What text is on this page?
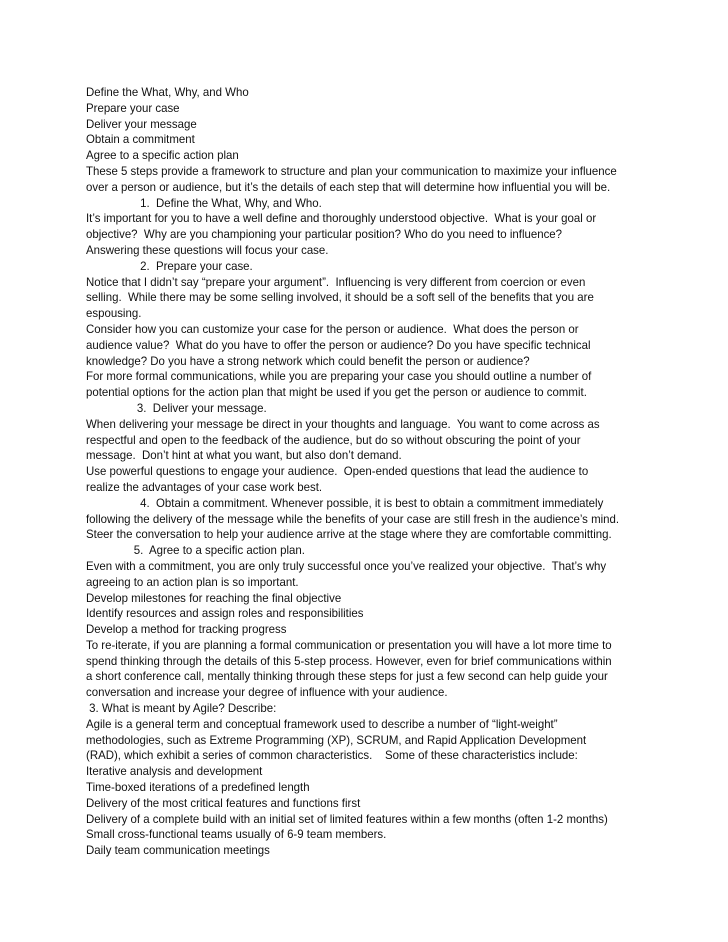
Define the What, Why, and Who
Prepare your case
Deliver your message
Obtain a commitment
Agree to a specific action plan
These 5 steps provide a framework to structure and plan your communication to maximize your influence
over a person or audience, but it’s the details of each step that will determine how influential you will be.
1.  Define the What, Why, and Who.
It’s important for you to have a well define and thoroughly understood objective.  What is your goal or
objective?  Why are you championing your particular position? Who do you need to influence?
Answering these questions will focus your case.
2.  Prepare your case.
Notice that I didn’t say “prepare your argument”.  Influencing is very different from coercion or even
selling.  While there may be some selling involved, it should be a soft sell of the benefits that you are
espousing.
Consider how you can customize your case for the person or audience.  What does the person or
audience value?  What do you have to offer the person or audience? Do you have specific technical
knowledge? Do you have a strong network which could benefit the person or audience?
For more formal communications, while you are preparing your case you should outline a number of
potential options for the action plan that might be used if you get the person or audience to commit.
3.  Deliver your message.
When delivering your message be direct in your thoughts and language.  You want to come across as
respectful and open to the feedback of the audience, but do so without obscuring the point of your
message.  Don’t hint at what you want, but also don’t demand.
Use powerful questions to engage your audience.  Open-ended questions that lead the audience to
realize the advantages of your case work best.
4.  Obtain a commitment. Whenever possible, it is best to obtain a commitment immediately
following the delivery of the message while the benefits of your case are still fresh in the audience’s mind.
Steer the conversation to help your audience arrive at the stage where they are comfortable committing.
5.  Agree to a specific action plan.
Even with a commitment, you are only truly successful once you’ve realized your objective.  That’s why
agreeing to an action plan is so important.
Develop milestones for reaching the final objective
Identify resources and assign roles and responsibilities
Develop a method for tracking progress
To re-iterate, if you are planning a formal communication or presentation you will have a lot more time to
spend thinking through the details of this 5-step process. However, even for brief communications within
a short conference call, mentally thinking through these steps for just a few second can help guide your
conversation and increase your degree of influence with your audience.
3. What is meant by Agile? Describe:
Agile is a general term and conceptual framework used to describe a number of “light-weight”
methodologies, such as Extreme Programming (XP), SCRUM, and Rapid Application Development
(RAD), which exhibit a series of common characteristics.    Some of these characteristics include:
Iterative analysis and development
Time-boxed iterations of a predefined length
Delivery of the most critical features and functions first
Delivery of a complete build with an initial set of limited features within a few months (often 1-2 months)
Small cross-functional teams usually of 6-9 team members.
Daily team communication meetings
